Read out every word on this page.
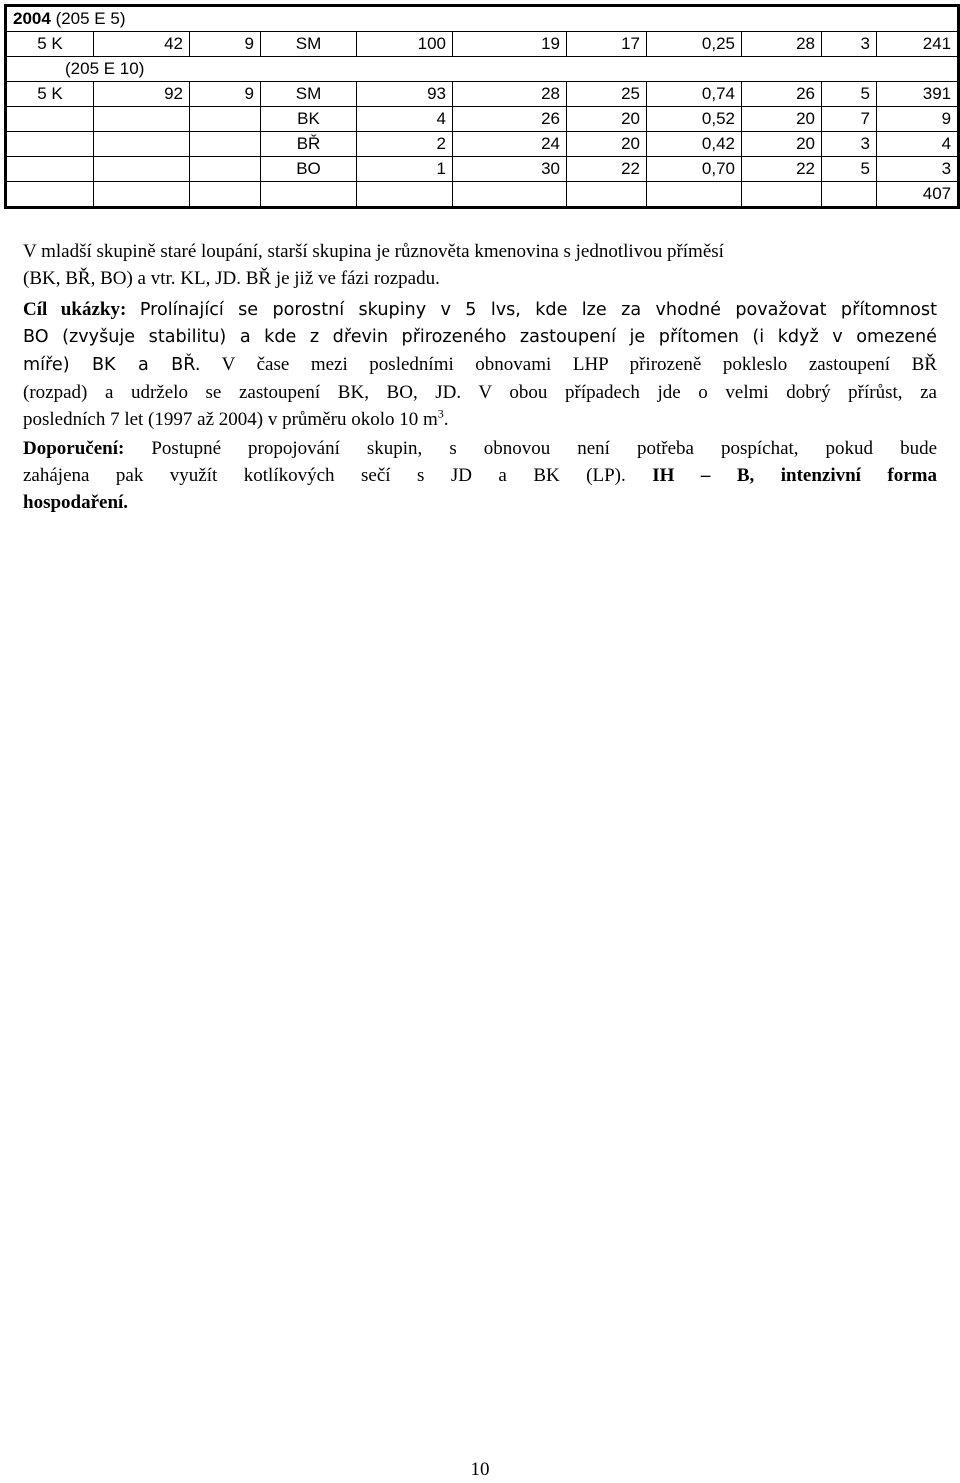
2004 (205 E 5)										
5 K	42	9	SM	100	19	17	0,25	28	3	241
(205 E 10)										
5 K	92	9	SM	93	28	25	0,74	26	5	391
			BK	4	26	20	0,52	20	7	9
			BŘ	2	24	20	0,42	20	3	4
			BO	1	30	22	0,70	22	5	3
										407

V mladší skupině staré loupání, starší skupina je různověta kmenovina s jednotlivou příměsí

(BK, BŘ, BO) a vtr. KL, JD. BŘ je již ve fázi rozpadu.

Cíl ukázky: Prolínající se porostní skupiny v 5 lvs, kde lze za vhodné považovat přítomnost

BO (zvyšuje stabilitu) a kde z dřevin přirozeného zastoupení je přítomen (i když v omezené

míře) BK a BŘ. V čase mezi posledními obnovami LHP přirozeně pokleslo zastoupení BŘ

(rozpad) a udrželo se zastoupení BK, BO, JD. V obou případech jde o velmi dobrý přírůst, za

posledních 7 let (1997 až 2004) v průměru okolo 10 $m^3$.

Doporučení: Postupné propojování skupin, s obnovou není potřeba pospíchat, pokud bude

zahájena pak využít kotlíkových sečí s JD a BK (LP). IH – B, intenzivní forma

hospodaření.

10
